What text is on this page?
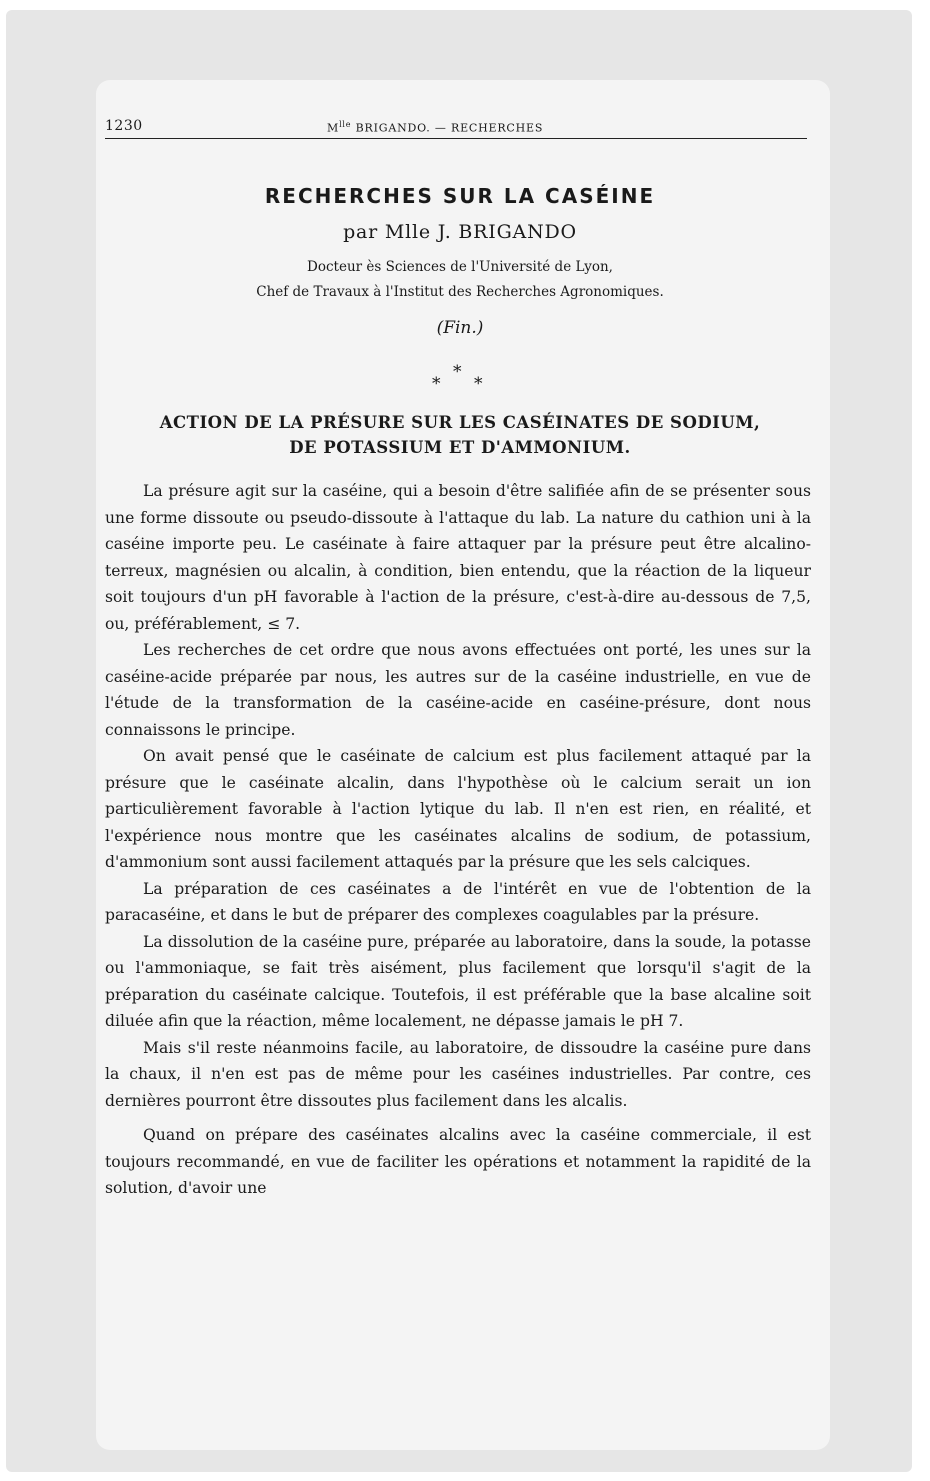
1230	$M^{lle}$ BRIGANDO. — RECHERCHES
RECHERCHES SUR LA CASÉINE
par Mlle J. BRIGANDO
Docteur ès Sciences de l'Université de Lyon,
Chef de Travaux à l'Institut des Recherches Agronomiques.
(Fin.)
*
*
*
ACTION DE LA PRÉSURE SUR LES CASÉINATES DE SODIUM,
DE POTASSIUM ET D'AMMONIUM.

La présure agit sur la caséine, qui a besoin d'être salifiée afin de se présenter sous une forme dissoute ou pseudo-dissoute à l'attaque du lab. La nature du cathion uni à la caséine importe peu. Le caséinate à faire attaquer par la présure peut être alcalino-terreux, magnésien ou alcalin, à condition, bien entendu, que la réaction de la liqueur soit toujours d'un pH favorable à l'action de la présure, c'est-à-dire au-dessous de 7,5, ou, préférablement, ≤ 7.

Les recherches de cet ordre que nous avons effectuées ont porté, les unes sur la caséine-acide préparée par nous, les autres sur de la caséine industrielle, en vue de l'étude de la transformation de la caséine-acide en caséine-présure, dont nous connaissons le principe.

On avait pensé que le caséinate de calcium est plus facilement attaqué par la présure que le caséinate alcalin, dans l'hypothèse où le calcium serait un ion particulièrement favorable à l'action lytique du lab. Il n'en est rien, en réalité, et l'expérience nous montre que les caséinates alcalins de sodium, de potassium, d'ammonium sont aussi facilement attaqués par la présure que les sels calciques.

La préparation de ces caséinates a de l'intérêt en vue de l'obtention de la paracaséine, et dans le but de préparer des complexes coagulables par la présure.

La dissolution de la caséine pure, préparée au laboratoire, dans la soude, la potasse ou l'ammoniaque, se fait très aisément, plus facilement que lorsqu'il s'agit de la préparation du caséinate calcique. Toutefois, il est préférable que la base alcaline soit diluée afin que la réaction, même localement, ne dépasse jamais le pH 7.

Mais s'il reste néanmoins facile, au laboratoire, de dissoudre la caséine pure dans la chaux, il n'en est pas de même pour les caséines industrielles. Par contre, ces dernières pourront être dissoutes plus facilement dans les alcalis.

Quand on prépare des caséinates alcalins avec la caséine commerciale, il est toujours recommandé, en vue de faciliter les opérations et notamment la rapidité de la solution, d'avoir une
